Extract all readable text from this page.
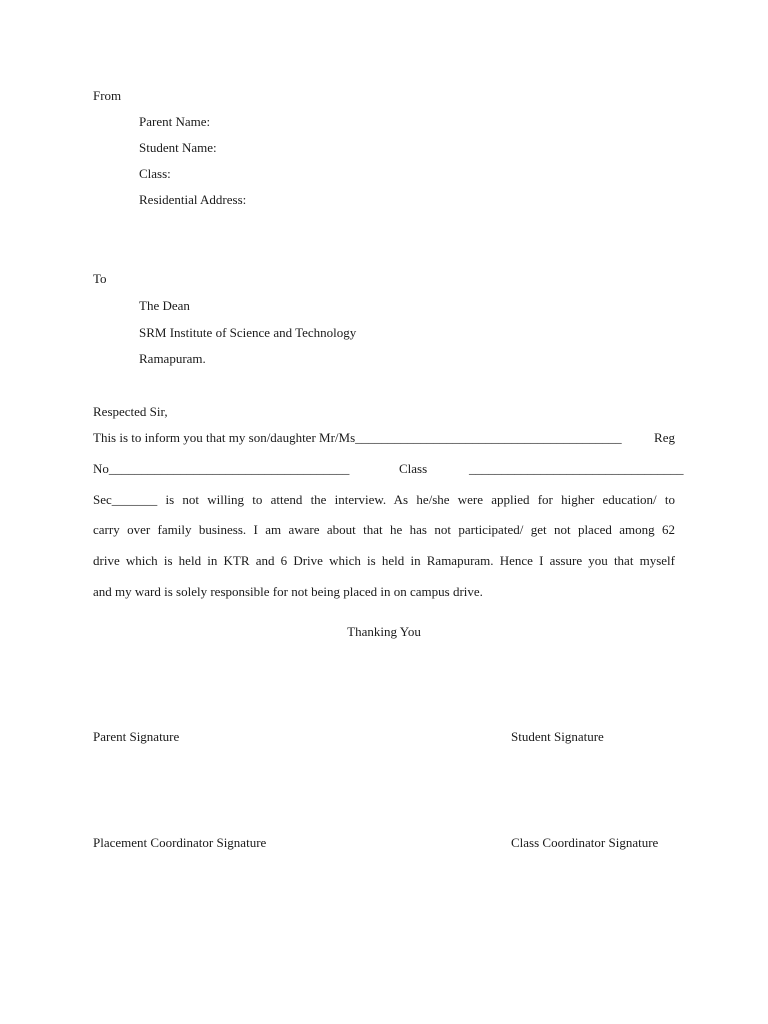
From
Parent Name:
Student Name:
Class:
Residential Address:
To
The Dean
SRM Institute of Science and Technology
Ramapuram.
Respected Sir,
This is to inform you that my son/daughter Mr/Ms_________________________________________ Reg
No_____________________________________	Class	_________________________________
Sec_______ is not willing to attend the interview. As he/she were applied for higher education/ to
carry over family business. I am aware about that he has not participated/ get not placed among 62
drive which is held in KTR and 6 Drive which is held in Ramapuram. Hence I assure you that myself
and my ward is solely responsible for not being placed in on campus drive.
Thanking You
Parent Signature	Student Signature
Placement Coordinator Signature	Class Coordinator Signature
